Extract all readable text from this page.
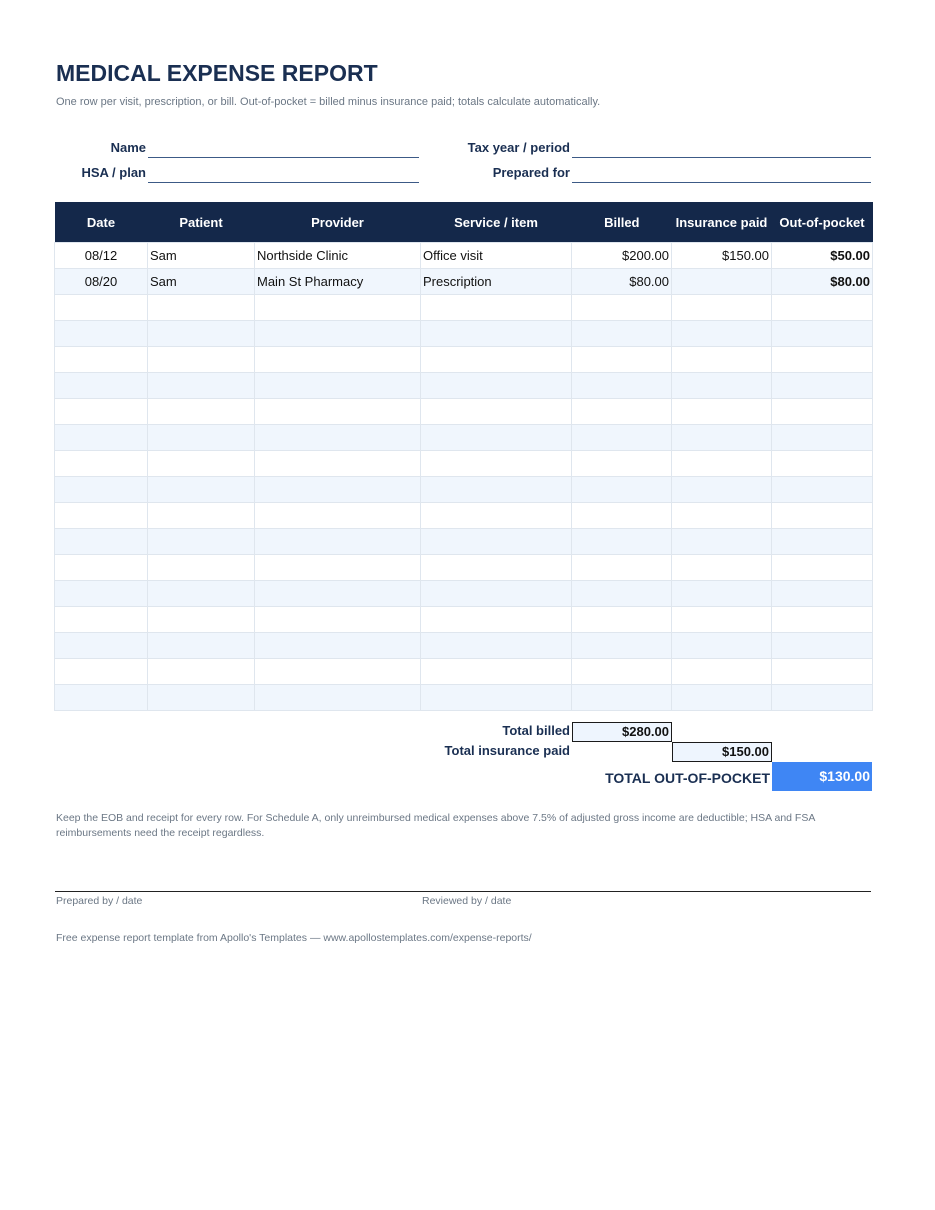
MEDICAL EXPENSE REPORT
One row per visit, prescription, or bill. Out-of-pocket = billed minus insurance paid; totals calculate automatically.
Name
HSA / plan
Tax year / period
Prepared for
Date	Patient	Provider	Service / item	Billed	Insurance paid	Out-of-pocket
08/12	Sam	Northside Clinic	Office visit	$200.00	$150.00	$50.00
08/20	Sam	Main St Pharmacy	Prescription	$80.00		$80.00

Total billed	$280.00
Total insurance paid	$150.00
TOTAL OUT-OF-POCKET	$130.00
Keep the EOB and receipt for every row. For Schedule A, only unreimbursed medical expenses above 7.5% of adjusted gross income are deductible; HSA and FSA reimbursements need the receipt regardless.
Prepared by / date	Reviewed by / date
Free expense report template from Apollo's Templates — www.apollostemplates.com/expense-reports/
